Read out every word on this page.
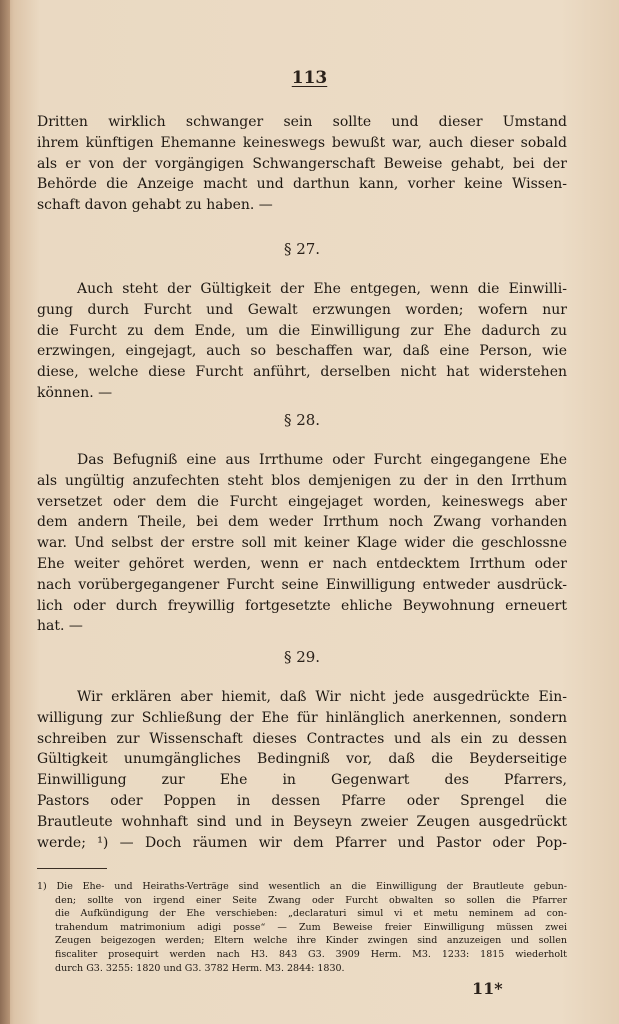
113
Dritten wirklich schwanger sein sollte und dieser Umstand
ihrem künftigen Ehemanne keineswegs bewußt war, auch dieser sobald
als er von der vorgängigen Schwangerschaft Beweise gehabt, bei der
Behörde die Anzeige macht und darthun kann, vorher keine Wissen-
schaft davon gehabt zu haben. —
§ 27.
Auch steht der Gültigkeit der Ehe entgegen, wenn die Einwilli-
gung durch Furcht und Gewalt erzwungen worden; wofern nur
die Furcht zu dem Ende, um die Einwilligung zur Ehe dadurch zu
erzwingen, eingejagt, auch so beschaffen war, daß eine Person, wie
diese, welche diese Furcht anführt, derselben nicht hat widerstehen
können. —
§ 28.
Das Befugniß eine aus Irrthume oder Furcht eingegangene Ehe
als ungültig anzufechten steht blos demjenigen zu der in den Irrthum
versetzet oder dem die Furcht eingejaget worden, keineswegs aber
dem andern Theile, bei dem weder Irrthum noch Zwang vorhanden
war. Und selbst der erstre soll mit keiner Klage wider die geschlossne
Ehe weiter gehöret werden, wenn er nach entdecktem Irrthum oder
nach vorübergegangener Furcht seine Einwilligung entweder ausdrück-
lich oder durch freywillig fortgesetzte ehliche Beywohnung erneuert
hat. —
§ 29.
Wir erklären aber hiemit, daß Wir nicht jede ausgedrückte Ein-
willigung zur Schließung der Ehe für hinlänglich anerkennen, sondern
schreiben zur Wissenschaft dieses Contractes und als ein zu dessen
Gültigkeit unumgängliches Bedingniß vor, daß die Beyderseitige
Einwilligung zur Ehe in Gegenwart des Pfarrers,
Pastors oder Poppen in dessen Pfarre oder Sprengel die
Brautleute wohnhaft sind und in Beyseyn zweier Zeugen ausgedrückt
werde; ¹) — Doch räumen wir dem Pfarrer und Pastor oder Pop-
1) Die Ehe- und Heiraths-Verträge sind wesentlich an die Einwilligung der Brautleute gebun-
den; sollte von irgend einer Seite Zwang oder Furcht obwalten so sollen die Pfarrer
die Aufkündigung der Ehe verschieben: „declaraturi simul vi et metu neminem ad con-
trahendum matrimonium adigi posse“ — Zum Beweise freier Einwilligung müssen zwei
Zeugen beigezogen werden; Eltern welche ihre Kinder zwingen sind anzuzeigen und sollen
fiscaliter prosequirt werden nach H3. 843 G3. 3909 Herm. M3. 1233: 1815 wiederholt
durch G3. 3255: 1820 und G3. 3782 Herm. M3. 2844: 1830.
11*
